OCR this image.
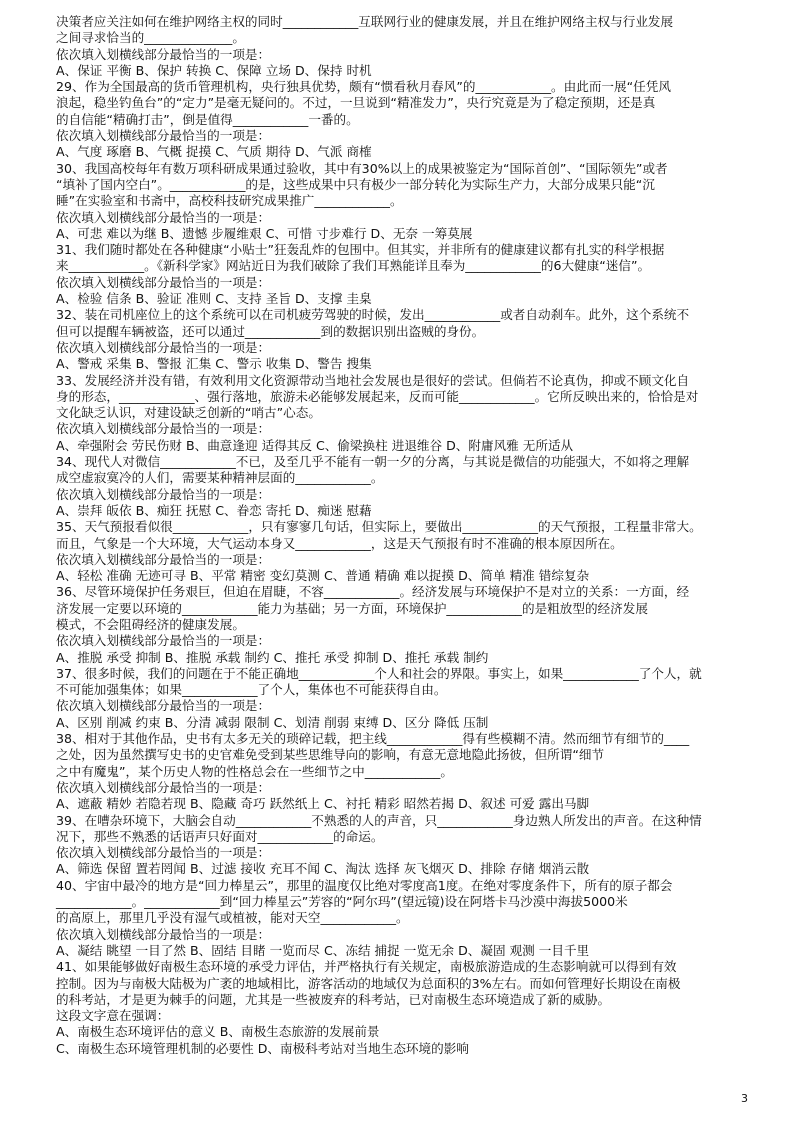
决策者应关注如何在维护网络主权的同时____________互联网行业的健康发展，并且在维护网络主权与行业发展
之间寻求恰当的______________。
依次填入划横线部分最恰当的一项是：
A、保证 平衡 B、保护 转换 C、保障 立场 D、保持 时机
29、作为全国最高的货币管理机构，央行独具优势，颇有“惯看秋月春风”的____________。由此而一展“任凭风
浪起，稳坐钓鱼台”的“定力”是毫无疑问的。不过，一旦说到“精准发力”，央行究竟是为了稳定预期，还是真
的自信能“精确打击”，倒是值得____________一番的。
依次填入划横线部分最恰当的一项是：
A、气度 琢磨 B、气概 捉摸 C、气质 期待 D、气派 商榷
30、我国高校每年有数万项科研成果通过验收，其中有30%以上的成果被鉴定为“国际首创”、“国际领先”或者
“填补了国内空白”。____________的是，这些成果中只有极少一部分转化为实际生产力，大部分成果只能“沉
睡”在实验室和书斋中，高校科技研究成果推广____________。
依次填入划横线部分最恰当的一项是：
A、可悲 难以为继 B、遗憾 步履维艰 C、可惜 寸步难行 D、无奈 一筹莫展
31、我们随时都处在各种健康“小贴士”狂轰乱炸的包围中。但其实，并非所有的健康建议都有扎实的科学根据
来____________。《新科学家》网站近日为我们破除了我们耳熟能详且奉为____________的6大健康“迷信”。
依次填入划横线部分最恰当的一项是：
A、检验 信条 B、验证 准则 C、支持 圣旨 D、支撑 圭臬
32、装在司机座位上的这个系统可以在司机疲劳驾驶的时候，发出____________或者自动刹车。此外，这个系统不
但可以提醒车辆被盗，还可以通过____________到的数据识别出盗贼的身份。
依次填入划横线部分最恰当的一项是：
A、警戒 采集 B、警报 汇集 C、警示 收集 D、警告 搜集
33、发展经济并没有错，有效利用文化资源带动当地社会发展也是很好的尝试。但倘若不论真伪，抑或不顾文化自
身的形态，____________、强行落地，旅游未必能够发展起来，反而可能____________。它所反映出来的，恰恰是对
文化缺乏认识，对建设缺乏创新的“哨古”心态。
依次填入划横线部分最恰当的一项是：
A、牵强附会 劳民伤财 B、曲意逢迎 适得其反 C、偷梁换柱 进退维谷 D、附庸风雅 无所适从
34、现代人对微信____________不已，及至几乎不能有一朝一夕的分离，与其说是微信的功能强大，不如将之理解
成空虚寂寞冷的人们，需要某种精神层面的____________。
依次填入划横线部分最恰当的一项是：
A、崇拜 皈依 B、痴狂 抚慰 C、眷恋 寄托 D、痴迷 慰藉
35、天气预报看似很____________，只有寥寥几句话，但实际上，要做出____________的天气预报，工程量非常大。
而且，气象是一个大环境，大气运动本身又____________，这是天气预报有时不准确的根本原因所在。
依次填入划横线部分最恰当的一项是：
A、轻松 准确 无迹可寻 B、平常 精密 变幻莫测 C、普通 精确 难以捉摸 D、简单 精准 错综复杂
36、尽管环境保护任务艰巨，但迫在眉睫，不容____________。经济发展与环境保护不是对立的关系：一方面，经
济发展一定要以环境的____________能力为基础；另一方面，环境保护____________的是粗放型的经济发展
模式，不会阻碍经济的健康发展。
依次填入划横线部分最恰当的一项是：
A、推脱 承受 抑制 B、推脱 承载 制约 C、推托 承受 抑制 D、推托 承载 制约
37、很多时候，我们的问题在于不能正确地____________个人和社会的界限。事实上，如果____________了个人，就
不可能加强集体；如果____________了个人，集体也不可能获得自由。
依次填入划横线部分最恰当的一项是：
A、区别 削减 约束 B、分清 减弱 限制 C、划清 削弱 束缚 D、区分 降低 压制
38、相对于其他作品，史书有太多无关的琐碎记载，把主线____________得有些模糊不清。然而细节有细节的____
之处，因为虽然撰写史书的史官难免受到某些思维导向的影响，有意无意地隐此扬彼，但所谓“细节
之中有魔鬼”，某个历史人物的性格总会在一些细节之中____________。
依次填入划横线部分最恰当的一项是：
A、遮蔽 精妙 若隐若现 B、隐藏 奇巧 跃然纸上 C、衬托 精彩 昭然若揭 D、叙述 可爱 露出马脚
39、在嘈杂环境下，大脑会自动____________不熟悉的人的声音，只____________身边熟人所发出的声音。在这种情
况下，那些不熟悉的话语声只好面对____________的命运。
依次填入划横线部分最恰当的一项是：
A、筛选 保留 置若罔闻 B、过滤 接收 充耳不闻 C、淘汰 选择 灰飞烟灭 D、排除 存储 烟消云散
40、宇宙中最冷的地方是“回力棒星云”，那里的温度仅比绝对零度高1度。在绝对零度条件下，所有的原子都会
____________。____________到“回力棒星云”芳容的“阿尔玛”(望远镜)设在阿塔卡马沙漠中海拔5000米
的高原上，那里几乎没有湿气或植被，能对天空____________。
依次填入划横线部分最恰当的一项是：
A、凝结 眺望 一目了然 B、固结 目睹 一览而尽 C、冻结 捕捉 一览无余 D、凝固 观测 一目千里
41、如果能够做好南极生态环境的承受力评估，并严格执行有关规定，南极旅游造成的生态影响就可以得到有效
控制。因为与南极大陆极为广袤的地域相比，游客活动的地域仅为总面积的3%左右。而如何管理好长期设在南极
的科考站，才是更为棘手的问题，尤其是一些被废弃的科考站，已对南极生态环境造成了新的威胁。
这段文字意在强调：
A、南极生态环境评估的意义 B、南极生态旅游的发展前景
C、南极生态环境管理机制的必要性 D、南极科考站对当地生态环境的影响
3
